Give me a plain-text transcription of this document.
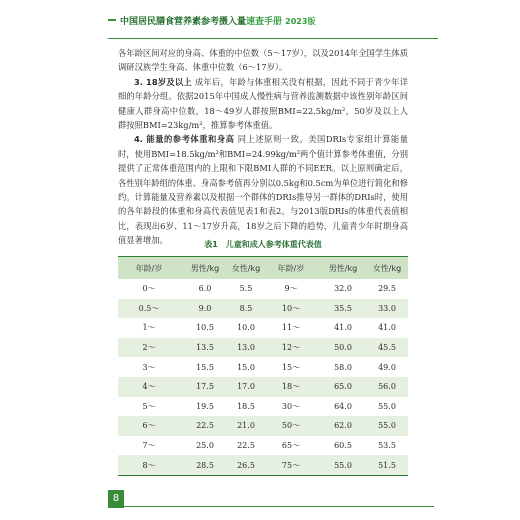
中国居民膳食营养素参考摄入量速查手册 2023版

各年龄区间对应的身高、体重的中位数（5～17岁），以及2014年全国学生体质调研汉族学生身高、体重中位数（6～17岁）。

3. 18岁及以上 成年后，年龄与体重相关没有根据，因此不同于青少年详细的年龄分组。依据2015年中国成人慢性病与营养监测数据中该性别年龄区间健康人群身高中位数，18～49岁人群按照BMI=22.5kg/m²，50岁及以上人群按照BMI=23kg/m²，推算参考体重值。

4. 能量的参考体重和身高 同上述原则一致。美国DRIs专家组计算能量时，使用BMI=18.5kg/m²和BMI=24.99kg/m²两个值计算参考体重值，分别提供了正常体重范围内的上限和下限BMI人群的不同EER。以上原则确定后，各性别年龄组的体重、身高参考值再分别以0.5kg和0.5cm为单位进行简化和修约。计算能量及营养素以及根据一个群体的DRIs推导另一群体的DRIs时，使用的各年龄段的体重和身高代表值见表1和表2。与2013版DRIs的体重代表值相比，表现出6岁、11～17岁升高，18岁之后下降的趋势，儿童青少年时期身高值显著增加。	表1　儿童和成人参考体重代表值
年龄/岁	男性/kg	女性/kg	年龄/岁	男性/kg	女性/kg
0～	6.0	5.5	9～	32.0	29.5
0.5～	9.0	8.5	10～	35.5	33.0
1～	10.5	10.0	11～	41.0	41.0
2～	13.5	13.0	12～	50.0	45.5
3～	15.5	15.0	15～	58.0	49.0
4～	17.5	17.0	18～	65.0	56.0
5～	19.5	18.5	30～	64.0	55.0
6～	22.5	21.0	50～	62.0	55.0
7～	25.0	22.5	65～	60.5	53.5
8～	28.5	26.5	75～	55.0	51.5
8
